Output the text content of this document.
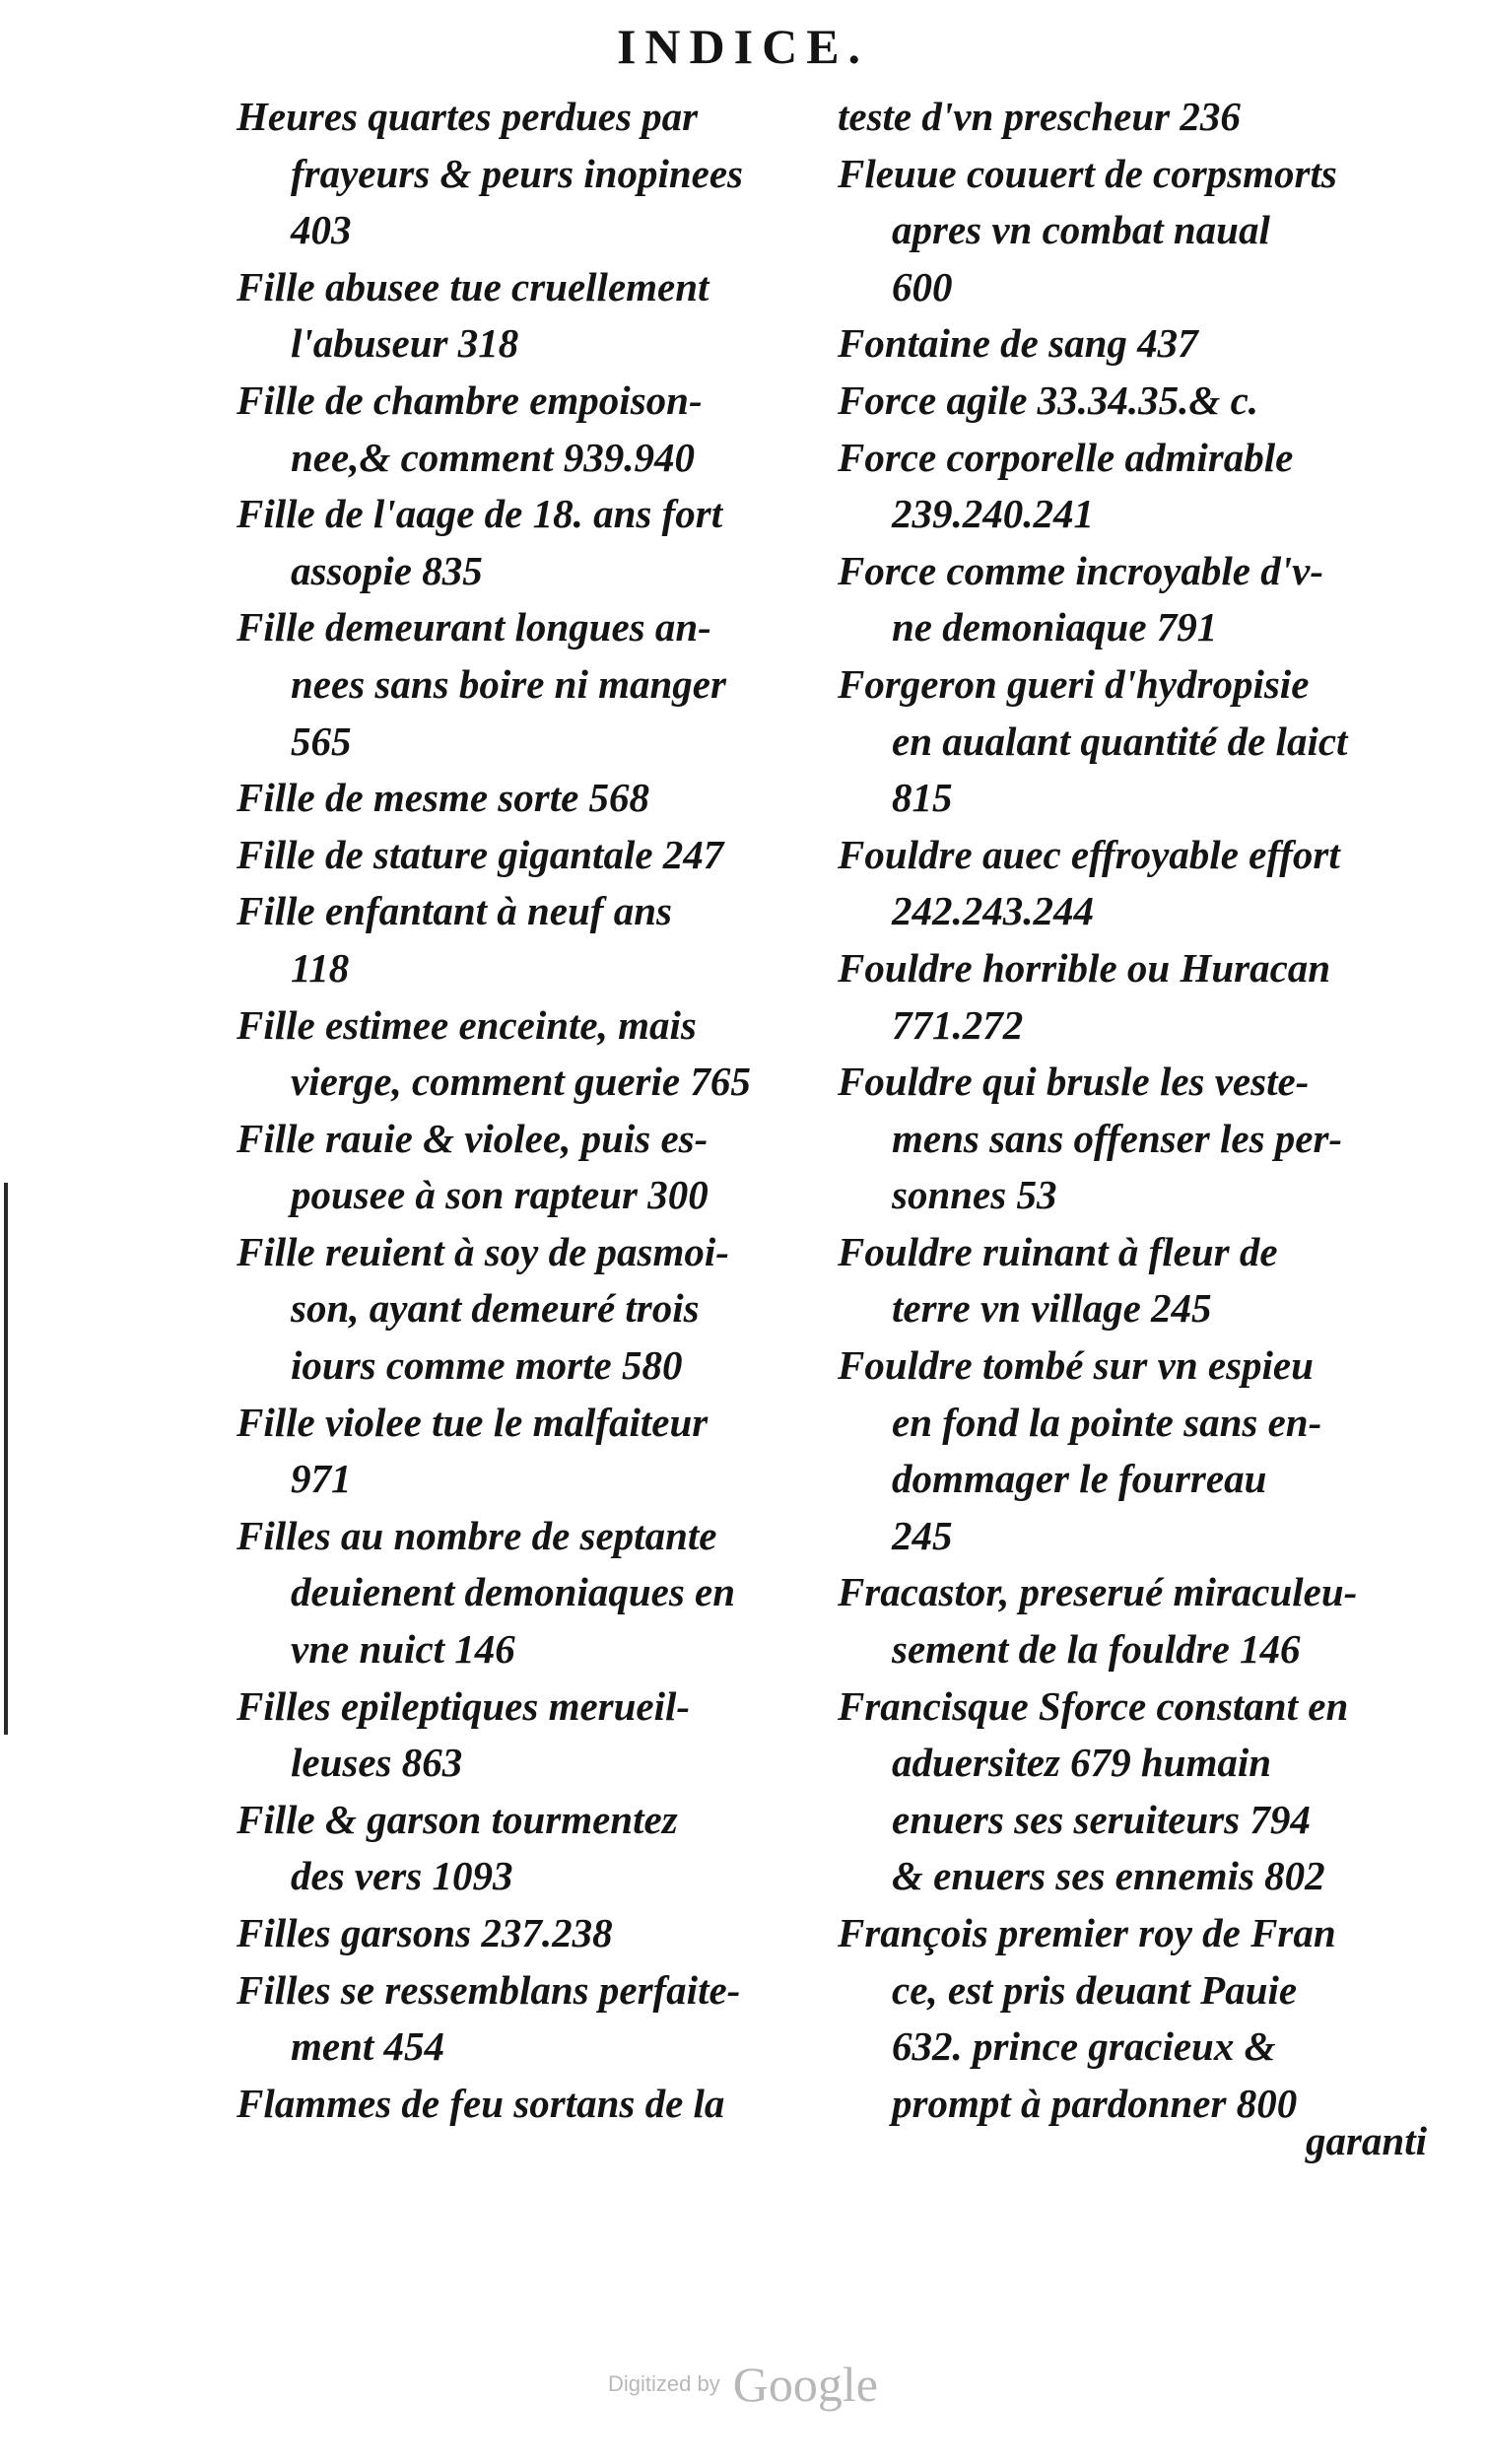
INDICE.
Heures quartes perdues par
frayeurs & peurs inopinees
403
Fille abusee tue cruellement
l'abuseur 318
Fille de chambre empoison-
nee,& comment 939.940
Fille de l'aage de 18. ans fort
assopie 835
Fille demeurant longues an-
nees sans boire ni manger
565
Fille de mesme sorte 568
Fille de stature gigantale 247
Fille enfantant à neuf ans
118
Fille estimee enceinte, mais
vierge, comment guerie 765
Fille rauie & violee, puis es-
pousee à son rapteur 300
Fille reuient à soy de pasmoi-
son, ayant demeuré trois
iours comme morte 580
Fille violee tue le malfaiteur
971
Filles au nombre de septante
deuienent demoniaques en
vne nuict 146
Filles epileptiques merueil-
leuses 863
Fille & garson tourmentez
des vers 1093
Filles garsons 237.238
Filles se ressemblans perfaite-
ment 454
Flammes de feu sortans de la
teste d'vn prescheur 236
Fleuue couuert de corpsmorts
apres vn combat naual
600
Fontaine de sang 437
Force agile 33.34.35.& c.
Force corporelle admirable
239.240.241
Force comme incroyable d'v-
ne demoniaque 791
Forgeron gueri d'hydropisie
en aualant quantité de laict
815
Fouldre auec effroyable effort
242.243.244
Fouldre horrible ou Huracan
771.272
Fouldre qui brusle les veste-
mens sans offenser les per-
sonnes 53
Fouldre ruinant à fleur de
terre vn village 245
Fouldre tombé sur vn espieu
en fond la pointe sans en-
dommager le fourreau
245
Fracastor, preserué miraculeu-
sement de la fouldre 146
Francisque Sforce constant en
aduersitez 679 humain
enuers ses seruiteurs 794
& enuers ses ennemis 802
François premier roy de Fran
ce, est pris deuant Pauie
632. prince gracieux &
prompt à pardonner 800
garanti
Digitized by Google
